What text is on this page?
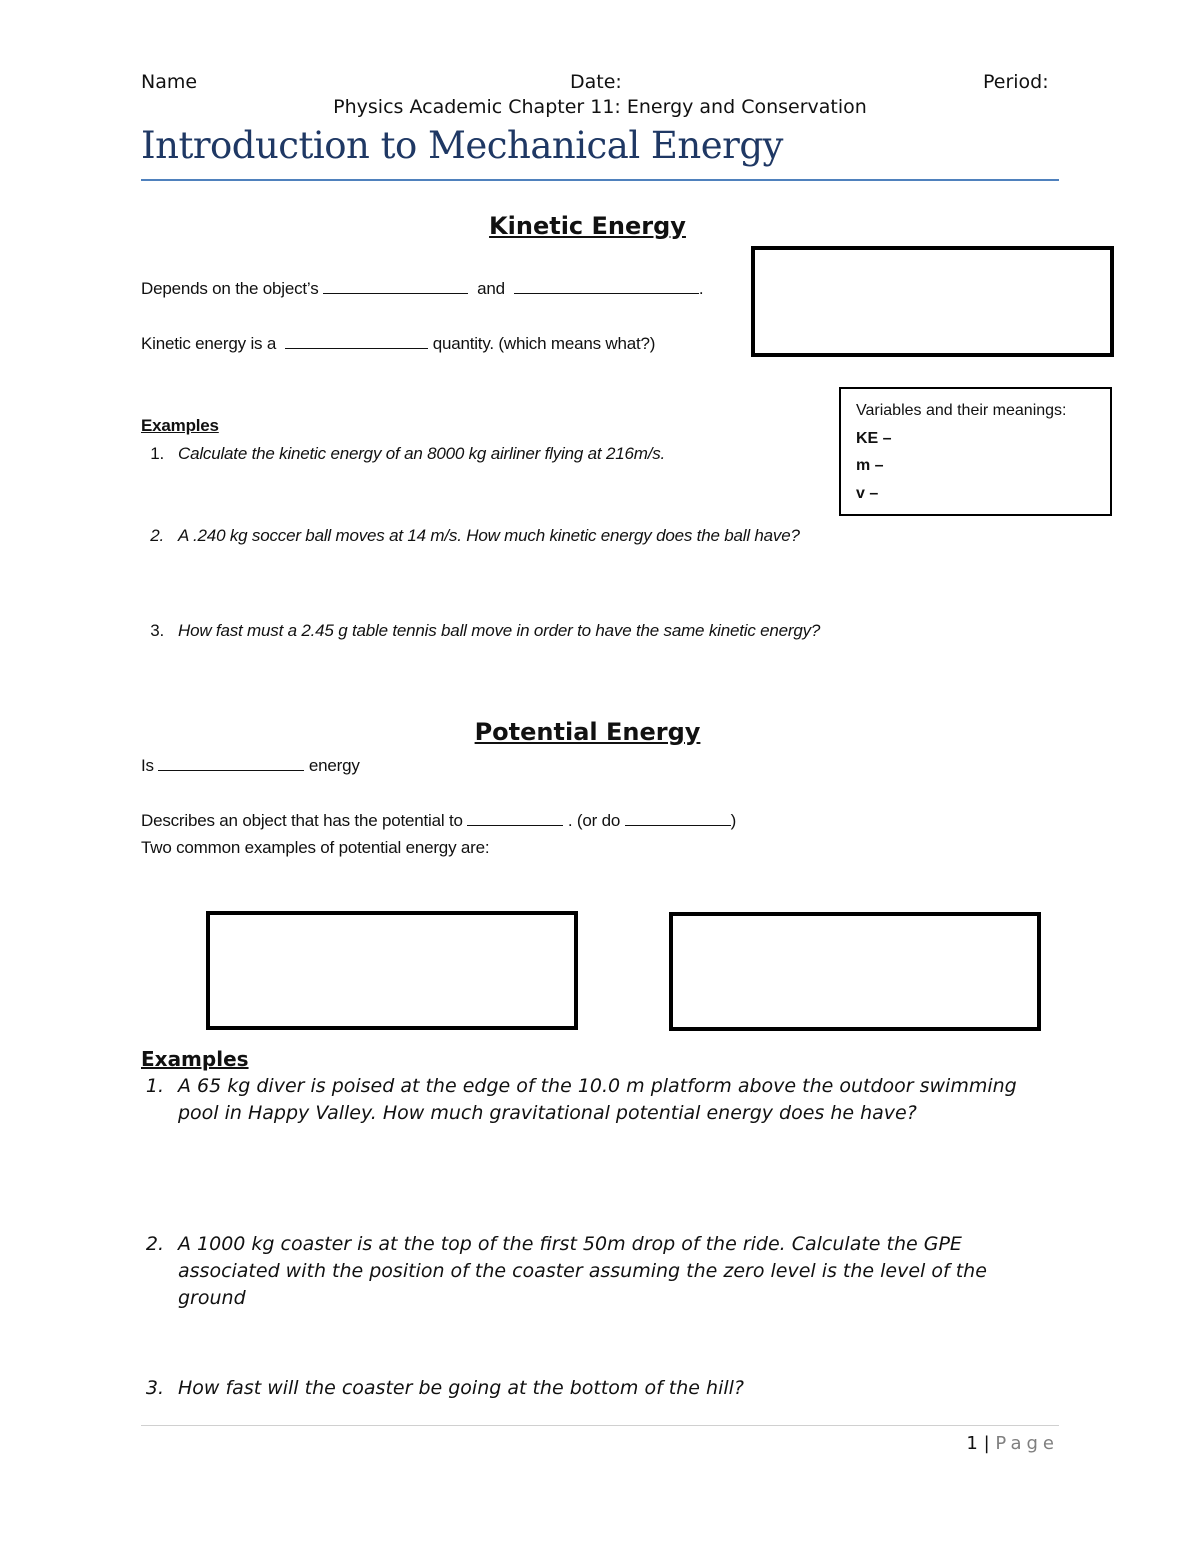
Name	Date:	Period:
Physics Academic Chapter 11: Energy and Conservation
Introduction to Mechanical Energy
Kinetic Energy
Depends on the object’s	and	.
Kinetic energy is a	quantity. (which means what?)
Variables and their meanings:
KE –
m –
v –
Examples
1. Calculate the kinetic energy of an 8000 kg airliner flying at 216m/s.
2. A .240 kg soccer ball moves at 14 m/s. How much kinetic energy does the ball have?
3. How fast must a 2.45 g table tennis ball move in order to have the same kinetic energy?
Potential Energy
Is	energy
Describes an object that has the potential to	. (or do	)
Two common examples of potential energy are:
Examples
1. A 65 kg diver is poised at the edge of the 10.0 m platform above the outdoor swimming pool in Happy Valley. How much gravitational potential energy does he have?
2. A 1000 kg coaster is at the top of the first 50m drop of the ride. Calculate the GPE associated with the position of the coaster assuming the zero level is the level of the ground
3. How fast will the coaster be going at the bottom of the hill?
1 | Page
